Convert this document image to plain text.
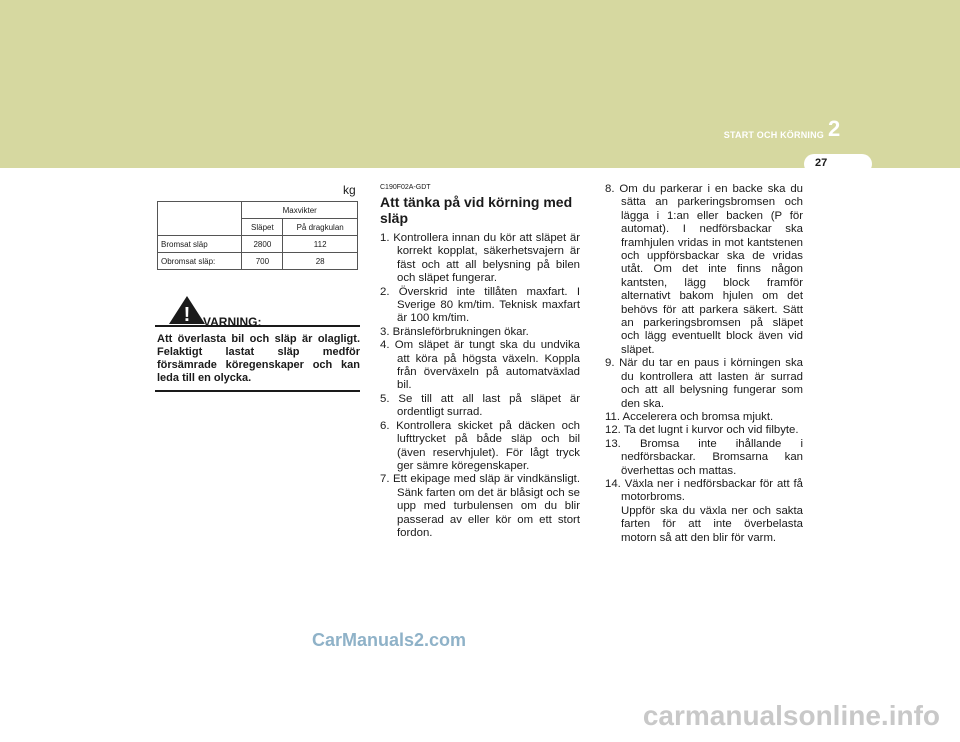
START OCH KÖRNING 2
27
kg
	Maxvikter	
	Släpet	På dragkulan
Bromsat släp	2800	112
Obromsat släp:	700	28
! VARNING:
Att överlasta bil och släp är olagligt. Felaktigt lastat släp medför försämrade köregenskaper och kan leda till en olycka.
C190F02A-GDT
Att tänka på vid körning med släp
1. Kontrollera innan du kör att släpet är korrekt kopplat, säkerhetsvajern är fäst och att all belysning på bilen och släpet fungerar.
2. Överskrid inte tillåten maxfart. I Sverige 80 km/tim. Teknisk maxfart är 100 km/tim.
3. Bränsleförbrukningen ökar.
4. Om släpet är tungt ska du undvika att köra på högsta växeln. Koppla från överväxeln på automatväxlad bil.
5. Se till att all last på släpet är ordentligt surrad.
6. Kontrollera skicket på däcken och lufttrycket på både släp och bil (även reservhjulet). För lågt tryck ger sämre köregenskaper.
7. Ett ekipage med släp är vindkänsligt. Sänk farten om det är blåsigt och se upp med turbulensen om du blir passerad av eller kör om ett stort fordon.
8. Om du parkerar i en backe ska du sätta an parkeringsbromsen och lägga i 1:an eller backen (P för automat). I nedförsbackar ska framhjulen vridas in mot kantstenen och uppförsbackar ska de vridas utåt. Om det inte finns någon kantsten, lägg block framför alternativt bakom hjulen om det behövs för att parkera säkert. Sätt an parkeringsbromsen på släpet och lägg eventuellt block även vid släpet.
9. När du tar en paus i körningen ska du kontrollera att lasten är surrad och att all belysning fungerar som den ska.
11. Accelerera och bromsa mjukt.
12. Ta det lugnt i kurvor och vid filbyte.
13. Bromsa inte ihållande i nedförsbackar. Bromsarna kan överhettas och mattas.
14. Växla ner i nedförsbackar för att få motorbroms.
Uppför ska du växla ner och sakta farten för att inte överbelasta motorn så att den blir för varm.
CarManuals2.com
carmanualsonline.info
